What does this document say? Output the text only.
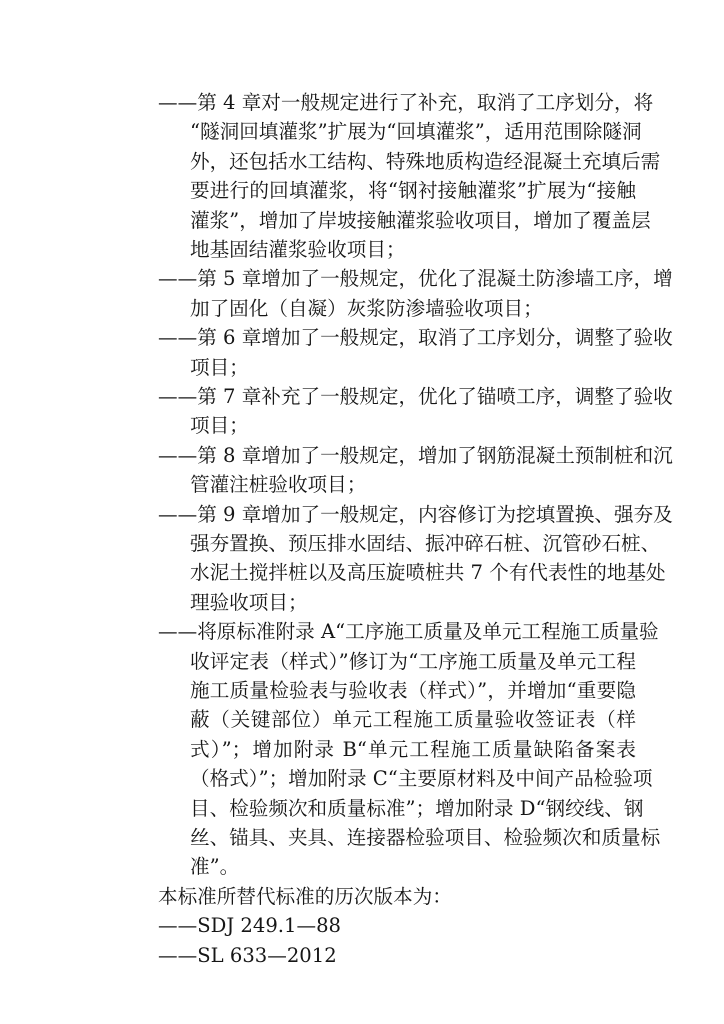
——第 4 章对一般规定进行了补充，取消了工序划分，将
“隧洞回填灌浆”扩展为“回填灌浆”，适用范围除隧洞
外，还包括水工结构、特殊地质构造经混凝土充填后需
要进行的回填灌浆，将“钢衬接触灌浆”扩展为“接触
灌浆”，增加了岸坡接触灌浆验收项目，增加了覆盖层
地基固结灌浆验收项目；
——第 5 章增加了一般规定，优化了混凝土防渗墙工序，增
加了固化（自凝）灰浆防渗墙验收项目；
——第 6 章增加了一般规定，取消了工序划分，调整了验收
项目；
——第 7 章补充了一般规定，优化了锚喷工序，调整了验收
项目；
——第 8 章增加了一般规定，增加了钢筋混凝土预制桩和沉
管灌注桩验收项目；
——第 9 章增加了一般规定，内容修订为挖填置换、强夯及
强夯置换、预压排水固结、振冲碎石桩、沉管砂石桩、
水泥土搅拌桩以及高压旋喷桩共 7 个有代表性的地基处
理验收项目；
——将原标准附录 A“工序施工质量及单元工程施工质量验
收评定表（样式）”修订为“工序施工质量及单元工程
施工质量检验表与验收表（样式）”，并增加“重要隐
蔽（关键部位）单元工程施工质量验收签证表（样
式）”；增加附录 B“单元工程施工质量缺陷备案表
（格式）”；增加附录 C“主要原材料及中间产品检验项
目、检验频次和质量标准”；增加附录 D“钢绞线、钢
丝、锚具、夹具、连接器检验项目、检验频次和质量标
准”。
本标准所替代标准的历次版本为：
——SDJ 249.1—88
——SL 633—2012
